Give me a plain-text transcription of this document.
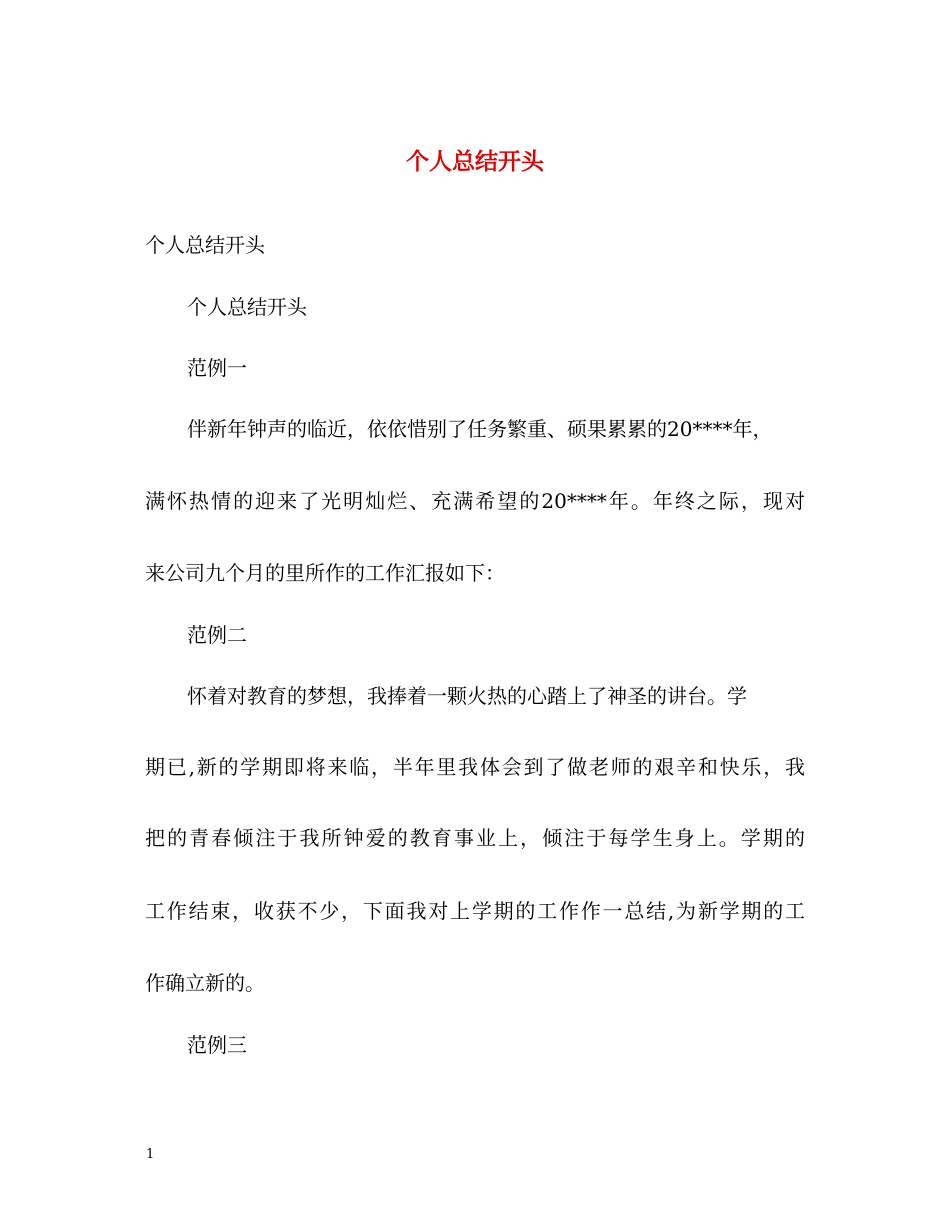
个人总结开头
个人总结开头
个人总结开头
范例一
伴新年钟声的临近，依依惜别了任务繁重、硕果累累的20****年，
满怀热情的迎来了光明灿烂、充满希望的20****年。年终之际，现对
来公司九个月的里所作的工作汇报如下：
范例二
怀着对教育的梦想，我捧着一颗火热的心踏上了神圣的讲台。学
期已,新的学期即将来临，半年里我体会到了做老师的艰辛和快乐，我
把的青春倾注于我所钟爱的教育事业上，倾注于每学生身上。学期的
工作结束，收获不少，下面我对上学期的工作作一总结,为新学期的工
作确立新的。
范例三
1
